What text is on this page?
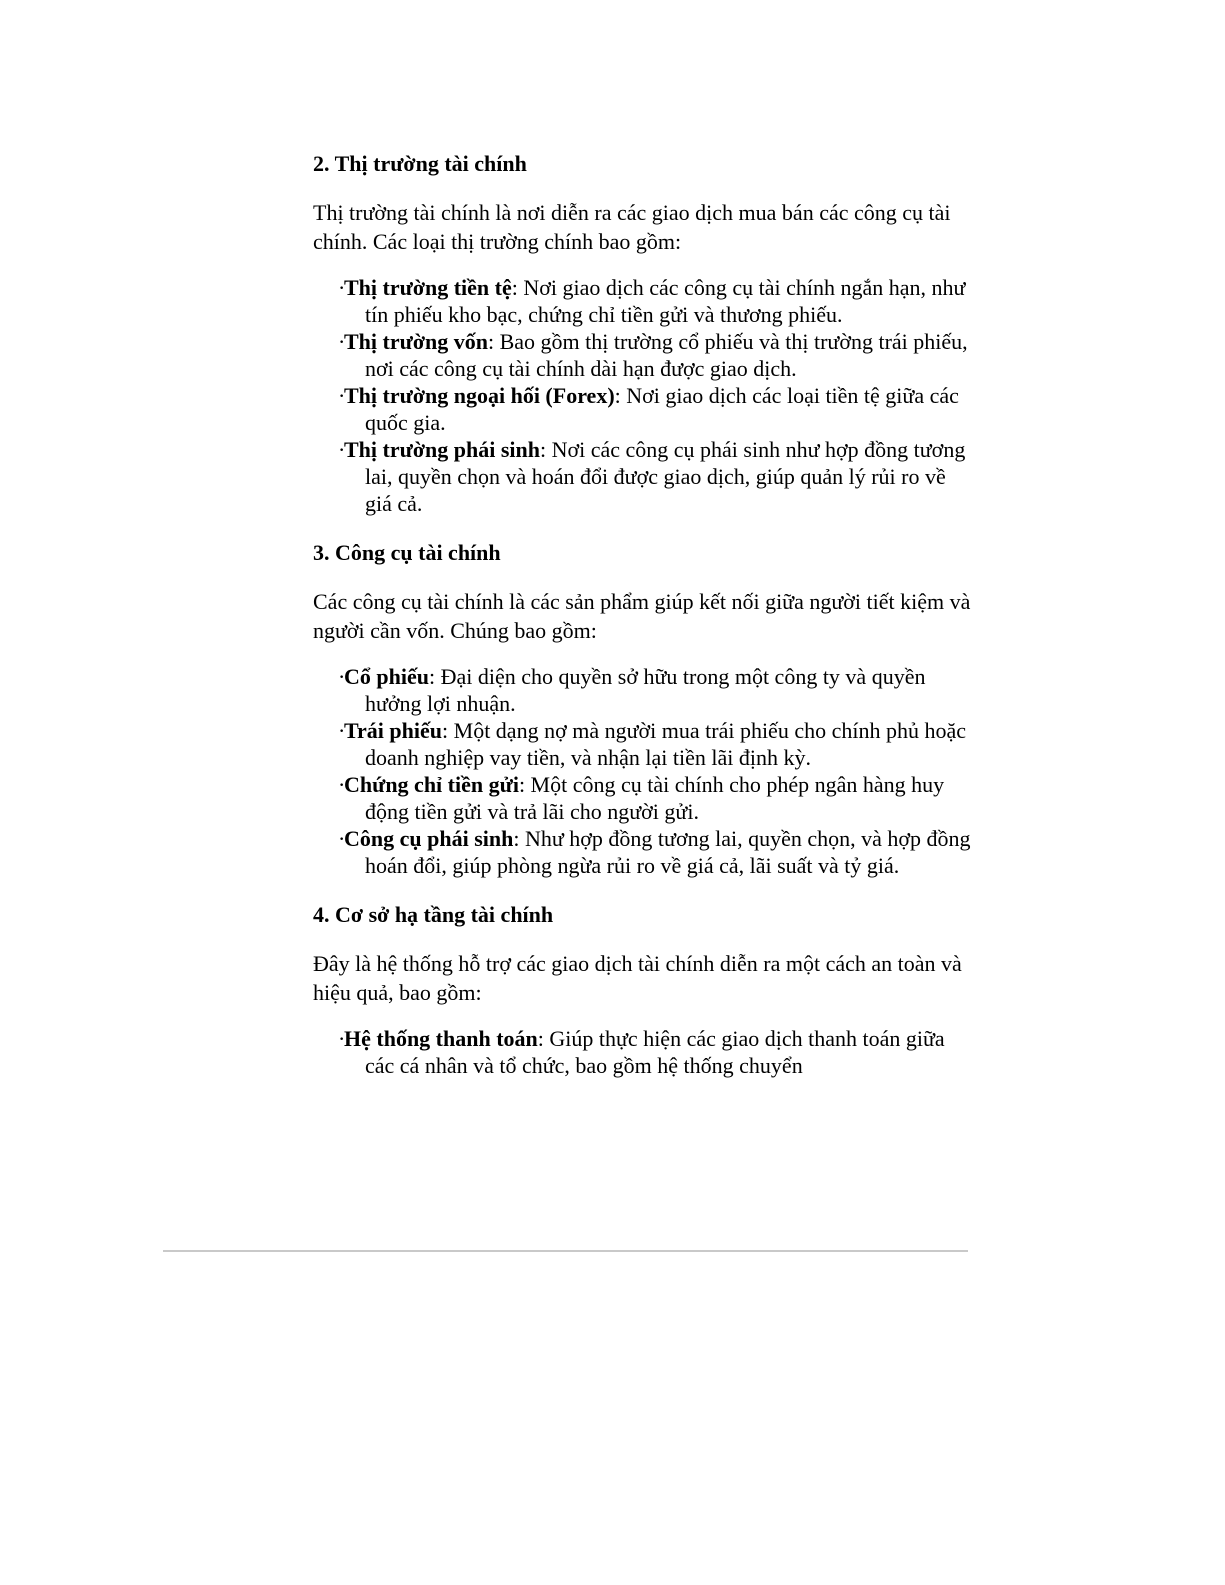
2. Thị trường tài chính

Thị trường tài chính là nơi diễn ra các giao dịch mua bán các công cụ tài chính. Các loại thị trường chính bao gồm:

·Thị trường tiền tệ: Nơi giao dịch các công cụ tài chính ngắn hạn, như tín phiếu kho bạc, chứng chỉ tiền gửi và thương phiếu.
·Thị trường vốn: Bao gồm thị trường cổ phiếu và thị trường trái phiếu, nơi các công cụ tài chính dài hạn được giao dịch.
·Thị trường ngoại hối (Forex): Nơi giao dịch các loại tiền tệ giữa các quốc gia.
·Thị trường phái sinh: Nơi các công cụ phái sinh như hợp đồng tương lai, quyền chọn và hoán đổi được giao dịch, giúp quản lý rủi ro về giá cả.
3. Công cụ tài chính

Các công cụ tài chính là các sản phẩm giúp kết nối giữa người tiết kiệm và người cần vốn. Chúng bao gồm:

·Cổ phiếu: Đại diện cho quyền sở hữu trong một công ty và quyền hưởng lợi nhuận.
·Trái phiếu: Một dạng nợ mà người mua trái phiếu cho chính phủ hoặc doanh nghiệp vay tiền, và nhận lại tiền lãi định kỳ.
·Chứng chỉ tiền gửi: Một công cụ tài chính cho phép ngân hàng huy động tiền gửi và trả lãi cho người gửi.
·Công cụ phái sinh: Như hợp đồng tương lai, quyền chọn, và hợp đồng hoán đổi, giúp phòng ngừa rủi ro về giá cả, lãi suất và tỷ giá.
4. Cơ sở hạ tầng tài chính

Đây là hệ thống hỗ trợ các giao dịch tài chính diễn ra một cách an toàn và hiệu quả, bao gồm:

·Hệ thống thanh toán: Giúp thực hiện các giao dịch thanh toán giữa các cá nhân và tổ chức, bao gồm hệ thống chuyển
